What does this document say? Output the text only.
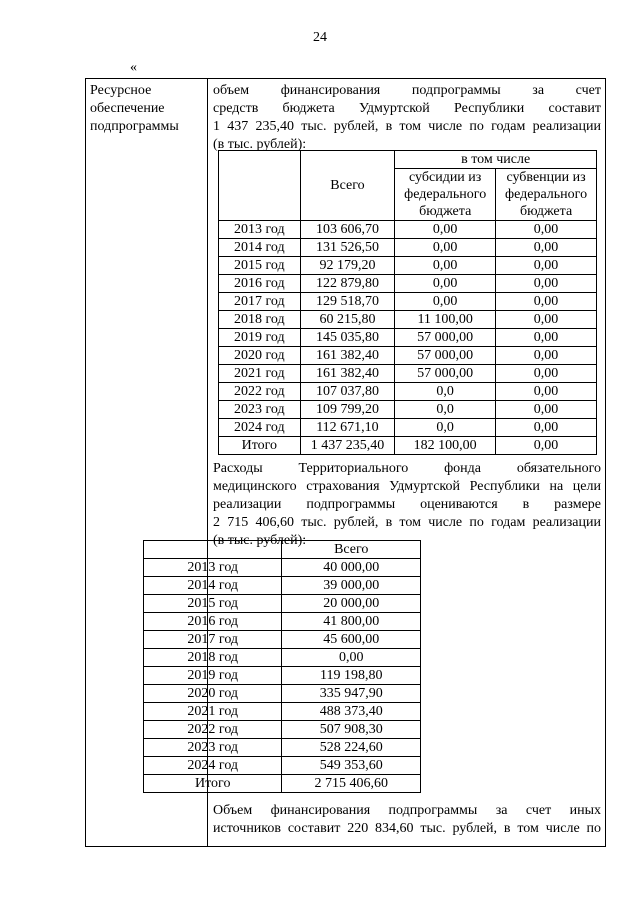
24
«
Ресурсное
обеспечение
подпрограммы
объем финансирования подпрограммы за счет
средств бюджета Удмуртской Республики составит
1 437 235,40 тыс. рублей, в том числе по годам реализации
(в тыс. рублей):
Расходы Территориального фонда обязательного
медицинского страхования Удмуртской Республики на цели
реализации подпрограммы оцениваются в размере
2 715 406,60 тыс. рублей, в том числе по годам реализации
(в тыс. рублей):
Объем финансирования подпрограммы за счет иных
источников составит 220 834,60 тыс. рублей, в том числе по
	Всего	в том числе	
		субсидии из федерального бюджета	субвенции из федерального бюджета
2013 год	103 606,70	0,00	0,00
2014 год	131 526,50	0,00	0,00
2015 год	92 179,20	0,00	0,00
2016 год	122 879,80	0,00	0,00
2017 год	129 518,70	0,00	0,00
2018 год	60 215,80	11 100,00	0,00
2019 год	145 035,80	57 000,00	0,00
2020 год	161 382,40	57 000,00	0,00
2021 год	161 382,40	57 000,00	0,00
2022 год	107 037,80	0,0	0,00
2023 год	109 799,20	0,0	0,00
2024 год	112 671,10	0,0	0,00
Итого	1 437 235,40	182 100,00	0,00
	Всего
2013 год	40 000,00
2014 год	39 000,00
2015 год	20 000,00
2016 год	41 800,00
2017 год	45 600,00
2018 год	0,00
2019 год	119 198,80
2020 год	335 947,90
2021 год	488 373,40
2022 год	507 908,30
2023 год	528 224,60
2024 год	549 353,60
Итого	2 715 406,60
